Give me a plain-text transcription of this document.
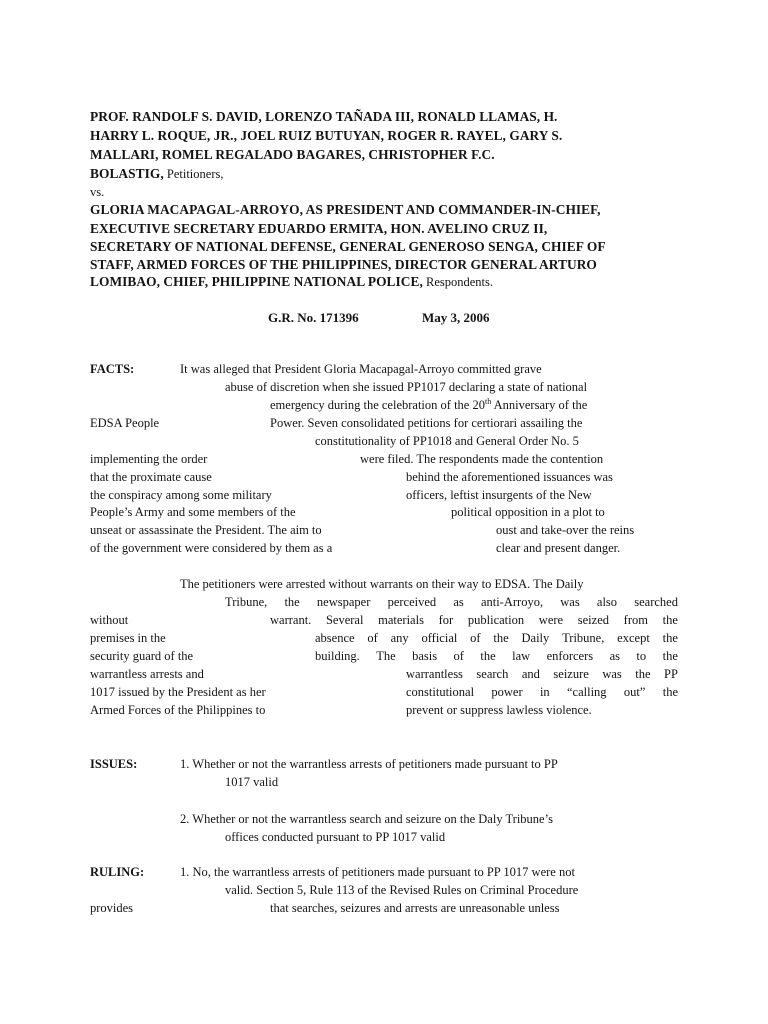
PROF. RANDOLF S. DAVID, LORENZO TAÑADA III, RONALD LLAMAS, H.
HARRY L. ROQUE, JR., JOEL RUIZ BUTUYAN, ROGER R. RAYEL, GARY S.
MALLARI, ROMEL REGALADO BAGARES, CHRISTOPHER F.C.
BOLASTIG, Petitioners,
vs.
GLORIA MACAPAGAL-ARROYO, AS PRESIDENT AND COMMANDER-IN-CHIEF,
EXECUTIVE SECRETARY EDUARDO ERMITA, HON. AVELINO CRUZ II,
SECRETARY OF NATIONAL DEFENSE, GENERAL GENEROSO SENGA, CHIEF OF
STAFF, ARMED FORCES OF THE PHILIPPINES, DIRECTOR GENERAL ARTURO
LOMIBAO, CHIEF, PHILIPPINE NATIONAL POLICE, Respondents.
G.R. No. 171396	May 3, 2006
FACTS:	It was alleged that President Gloria Macapagal-Arroyo committed grave
abuse of discretion when she issued PP1017 declaring a state of national
emergency during the celebration of the 20th Anniversary of the
EDSA People	Power. Seven consolidated petitions for certiorari assailing the
constitutionality of PP1018 and General Order No. 5
implementing the order	were filed. The respondents made the contention
that the proximate cause	behind the aforementioned issuances was
the conspiracy among some military	officers, leftist insurgents of the New
People’s Army and some members of the	political opposition in a plot to
unseat or assassinate the President. The aim to	oust and take-over the reins
of the government were considered by them as a	clear and present danger.
The petitioners were arrested without warrants on their way to EDSA. The Daily
Tribune, the newspaper perceived as anti-Arroyo, was also searched
without	warrant. Several materials for publication were seized from the
premises in the	absence of any official of the Daily Tribune, except the
security guard of the	building. The basis of the law enforcers as to the
warrantless arrests and	warrantless search and seizure was the PP
1017 issued by the President as her	constitutional power in “calling out” the
Armed Forces of the Philippines to	prevent or suppress lawless violence.
ISSUES:	1. Whether or not the warrantless arrests of petitioners made pursuant to PP
1017 valid
2. Whether or not the warrantless search and seizure on the Daly Tribune’s
offices conducted pursuant to PP 1017 valid
RULING:	1. No, the warrantless arrests of petitioners made pursuant to PP 1017 were not
valid. Section 5, Rule 113 of the Revised Rules on Criminal Procedure
provides	that searches, seizures and arrests are unreasonable unless
